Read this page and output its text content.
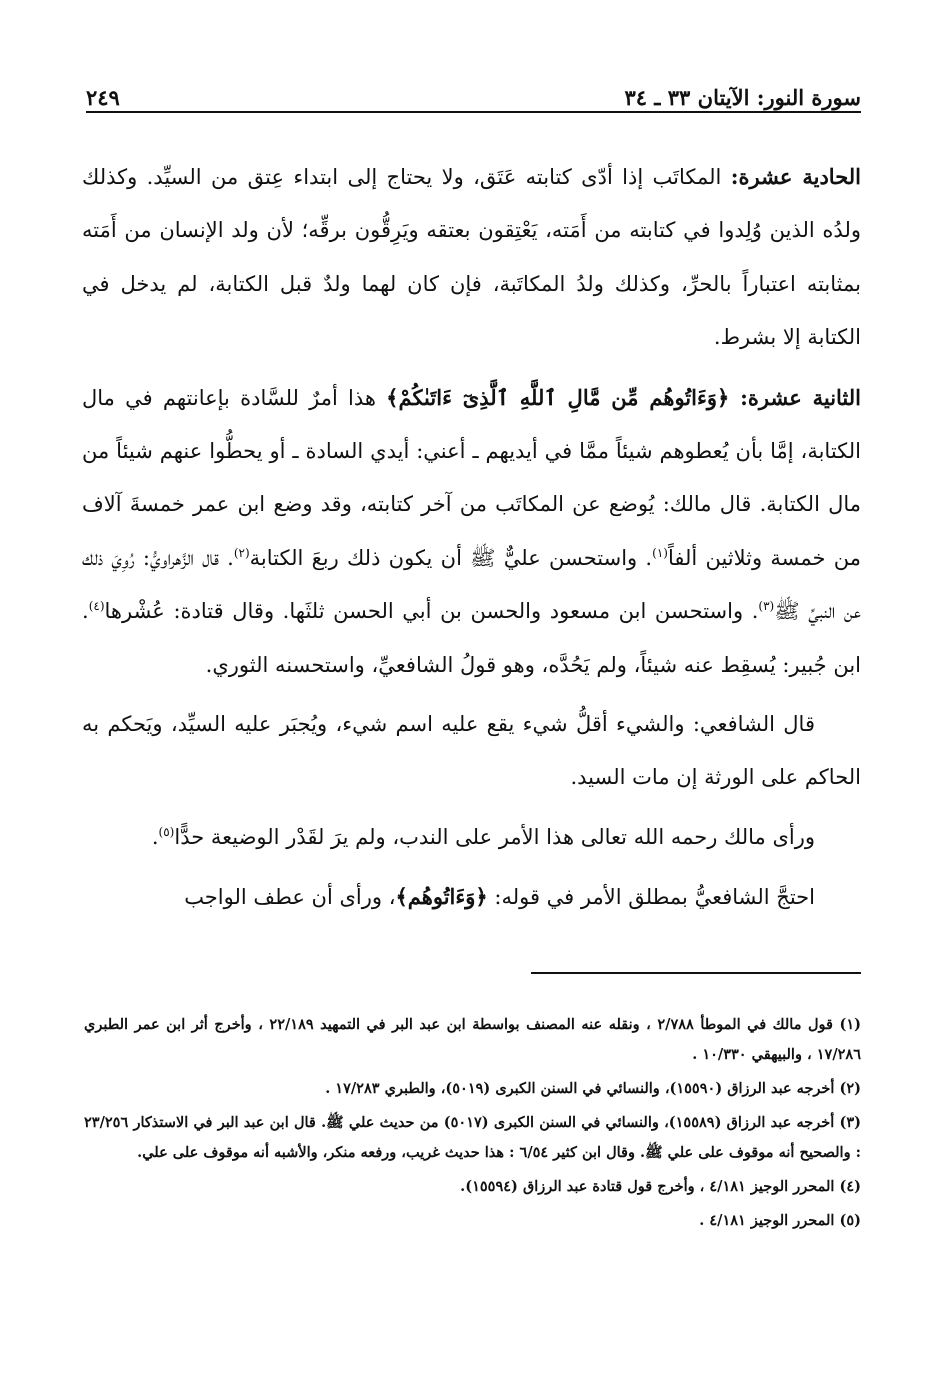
سورة النور: الآيتان ٣٣ ـ ٣٤
٢٤٩

الحادية عشرة: المكاتَب إذا أدّى كتابته عَتَق، ولا يحتاج إلى ابتداء عِتق من السيِّد. وكذلك ولدُه الذين وُلِدوا في كتابته من أَمَته، يَعْتِقون بعتقه ويَرِقُّون برقِّه؛ لأن ولد الإنسان من أَمَته بمثابته اعتباراً بالحرِّ، وكذلك ولدُ المكاتَبة، فإن كان لهما ولدٌ قبل الكتابة، لم يدخل في الكتابة إلا بشرط.

الثانية عشرة: ﴿وَءَاتُوهُم مِّن مَّالِ ٱللَّهِ ٱلَّذِىٓ ءَاتَىٰكُمْ﴾ هذا أمرٌ للسَّادة بإعانتهم في مال الكتابة، إمَّا بأن يُعطوهم شيئاً ممَّا في أيديهم ـ أعني: أيدي السادة ـ أو يحطُّوا عنهم شيئاً من مال الكتابة. قال مالك: يُوضع عن المكاتَب من آخر كتابته، وقد وضع ابن عمر خمسةَ آلاف من خمسة وثلاثين ألفاً$^{(١)}$. واستحسن عليٌّ ﷺ أن يكون ذلك ربعَ الكتابة$^{(٢)}$. قال الزَّهراويُّ: رُوِيَ ذلك عن النبيِّ ﷺ$^{(٣)}$. واستحسن ابن مسعود والحسن بن أبي الحسن ثلثَها. وقال قتادة: عُشْرها$^{(٤)}$. ابن جُبير: يُسقِط عنه شيئاً، ولم يَحُدَّه، وهو قولُ الشافعيِّ، واستحسنه الثوري.

قال الشافعي: والشيء أقلُّ شيء يقع عليه اسم شيء، ويُجبَر عليه السيِّد، ويَحكم به الحاكم على الورثة إن مات السيد.

ورأى مالك رحمه الله تعالى هذا الأمر على الندب، ولم يرَ لقَدْر الوضيعة حدًّا$^{(٥)}$.

احتجَّ الشافعيُّ بمطلق الأمر في قوله: ﴿وَءَاتُوهُم﴾، ورأى أن عطف الواجب

(١) قول مالك في الموطأ ٢/٧٨٨ ، ونقله عنه المصنف بواسطة ابن عبد البر في التمهيد ٢٢/١٨٩ ، وأخرج أثر ابن عمر الطبري ١٧/٢٨٦ ، والبيهقي ١٠/٣٣٠ .

(٢) أخرجه عبد الرزاق (١٥٥٩٠)، والنسائي في السنن الكبرى (٥٠١٩)، والطبري ١٧/٢٨٣ .

(٣) أخرجه عبد الرزاق (١٥٥٨٩)، والنسائي في السنن الكبرى (٥٠١٧) من حديث علي ﷺ. قال ابن عبد البر في الاستذكار ٢٣/٢٥٦ : والصحيح أنه موقوف على علي ﷺ. وقال ابن كثير ٦/٥٤ : هذا حديث غريب، ورفعه منكر، والأشبه أنه موقوف على علي.

(٤) المحرر الوجيز ٤/١٨١ ، وأخرج قول قتادة عبد الرزاق (١٥٥٩٤).

(٥) المحرر الوجيز ٤/١٨١ .
